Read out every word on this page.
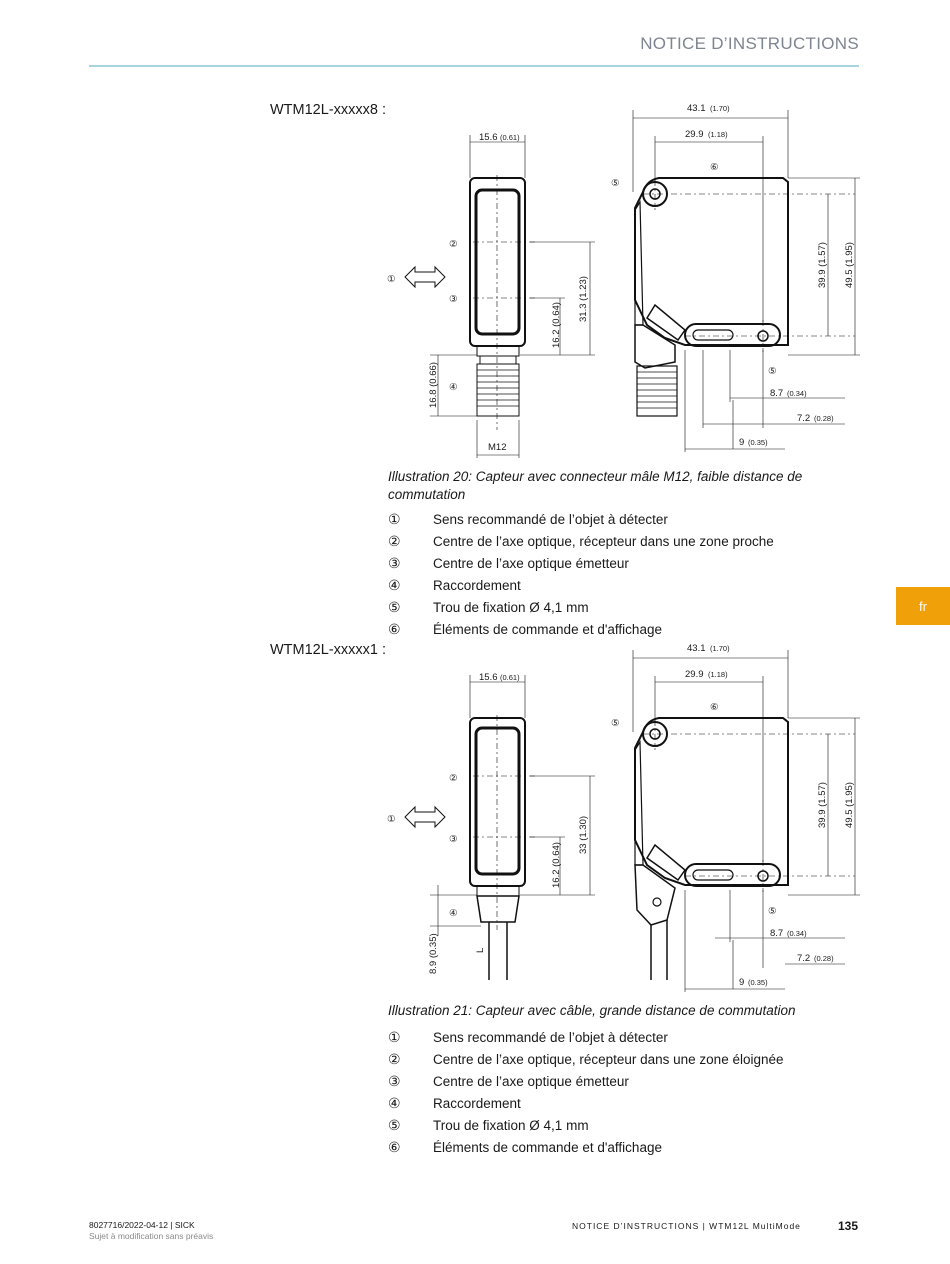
NOTICE D’INSTRUCTIONS
fr
WTM12L-xxxxx8 :
15.6 (0.61)
43.1 (1.70)
29.9 (1.18)
31.3 (1.23)
16.2 (0.64)
16.8 (0.66)
39.9 (1.57) 49.5 (1.95)
M12
8.7 (0.34)
7.2 (0.28)
9 (0.35)
①
②
③
④
⑤
⑤
⑥
Illustration 20: Capteur avec connecteur mâle M12, faible distance de commutation
①	Sens recommandé de l’objet à détecter
②	Centre de l’axe optique, récepteur dans une zone proche
③	Centre de l’axe optique émetteur
④	Raccordement
⑤	Trou de fixation Ø 4,1 mm
⑥	Éléments de commande et d'affichage
WTM12L-xxxxx1 :
15.6 (0.61)
43.1 (1.70)
29.9 (1.18)
33 (1.30)
16.2 (0.64)
8.9 (0.35)
39.9 (1.57) 49.5 (1.95)
L
8.7 (0.34)
7.2 (0.28)
9 (0.35)
①
②
③
④
⑤
⑤
⑥
Illustration 21: Capteur avec câble, grande distance de commutation
①	Sens recommandé de l’objet à détecter
②	Centre de l’axe optique, récepteur dans une zone éloignée
③	Centre de l’axe optique émetteur
④	Raccordement
⑤	Trou de fixation Ø 4,1 mm
⑥	Éléments de commande et d'affichage
8027716/2022-04-12 | SICK
Sujet à modification sans préavis
NOTICE D’INSTRUCTIONS | WTM12L MultiMode	135
